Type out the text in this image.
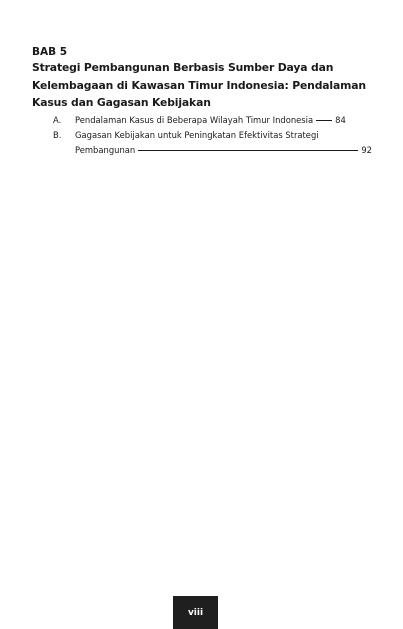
BAB 5

Strategi Pembangunan Berbasis Sumber Daya dan
Kelembagaan di Kawasan Timur Indonesia: Pendalaman
Kasus dan Gagasan Kebijakan

A.	Pendalaman Kasus di Beberapa Wilayah Timur Indonesia	84
B.	Gagasan Kebijakan untuk Peningkatan Efektivitas Strategi
Pembangunan	92
viii
